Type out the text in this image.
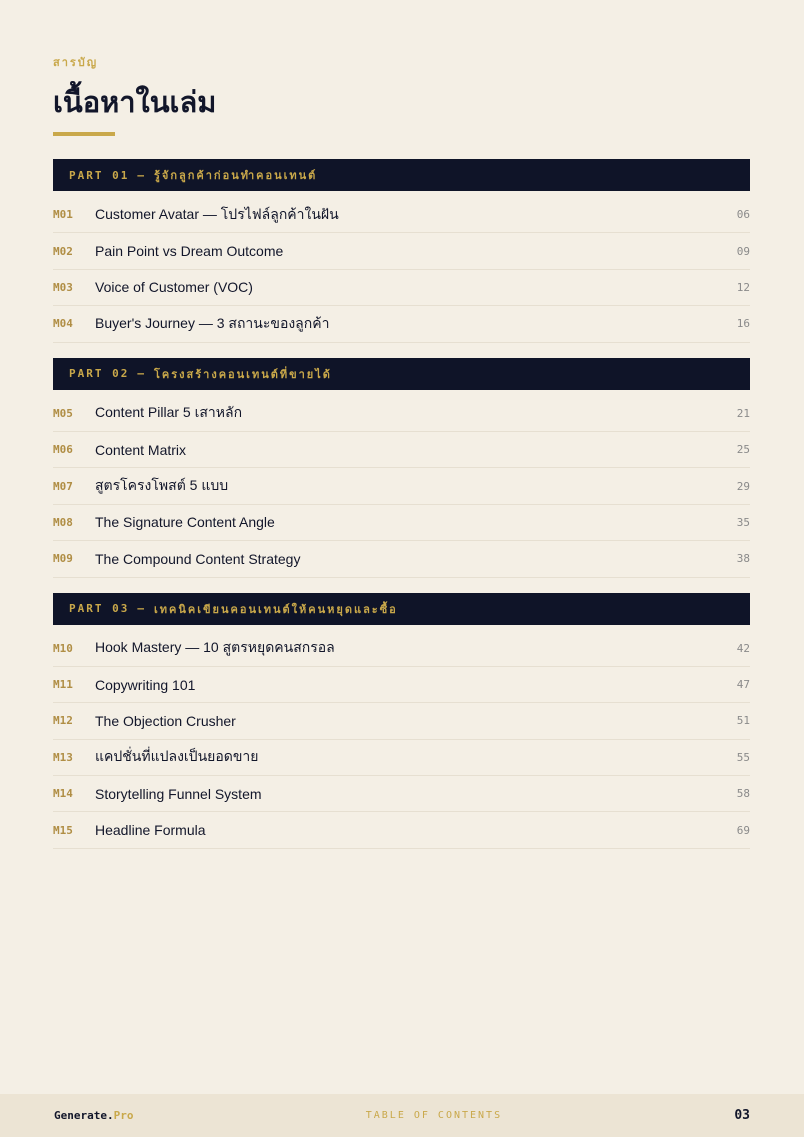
สารบัญ
เนื้อหาในเล่ม
PART 01 — รู้จักลูกค้าก่อนทำคอนเทนต์
M01	Customer Avatar — โปรไฟล์ลูกค้าในฝัน	06
M02	Pain Point vs Dream Outcome	09
M03	Voice of Customer (VOC)	12
M04	Buyer's Journey — 3 สถานะของลูกค้า	16
PART 02 — โครงสร้างคอนเทนต์ที่ขายได้
M05	Content Pillar 5 เสาหลัก	21
M06	Content Matrix	25
M07	สูตรโครงโพสต์ 5 แบบ	29
M08	The Signature Content Angle	35
M09	The Compound Content Strategy	38
PART 03 — เทคนิคเขียนคอนเทนต์ให้คนหยุดและซื้อ
M10	Hook Mastery — 10 สูตรหยุดคนสกรอล	42
M11	Copywriting 101	47
M12	The Objection Crusher	51
M13	แคปชั่นที่แปลงเป็นยอดขาย	55
M14	Storytelling Funnel System	58
M15	Headline Formula	69
Generate.Pro	TABLE OF CONTENTS	03
